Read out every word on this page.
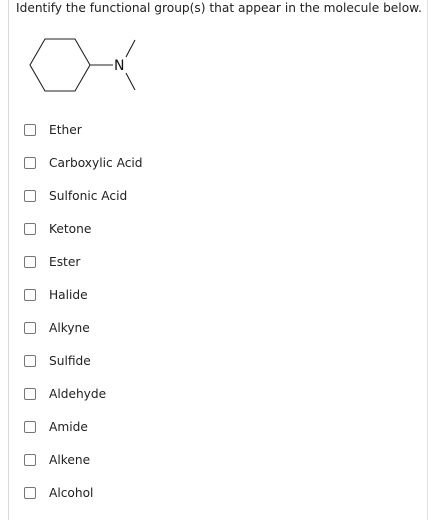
Identify the functional group(s) that appear in the molecule below.
N
Ether
Carboxylic Acid
Sulfonic Acid
Ketone
Ester
Halide
Alkyne
Sulfide
Aldehyde
Amide
Alkene
Alcohol
